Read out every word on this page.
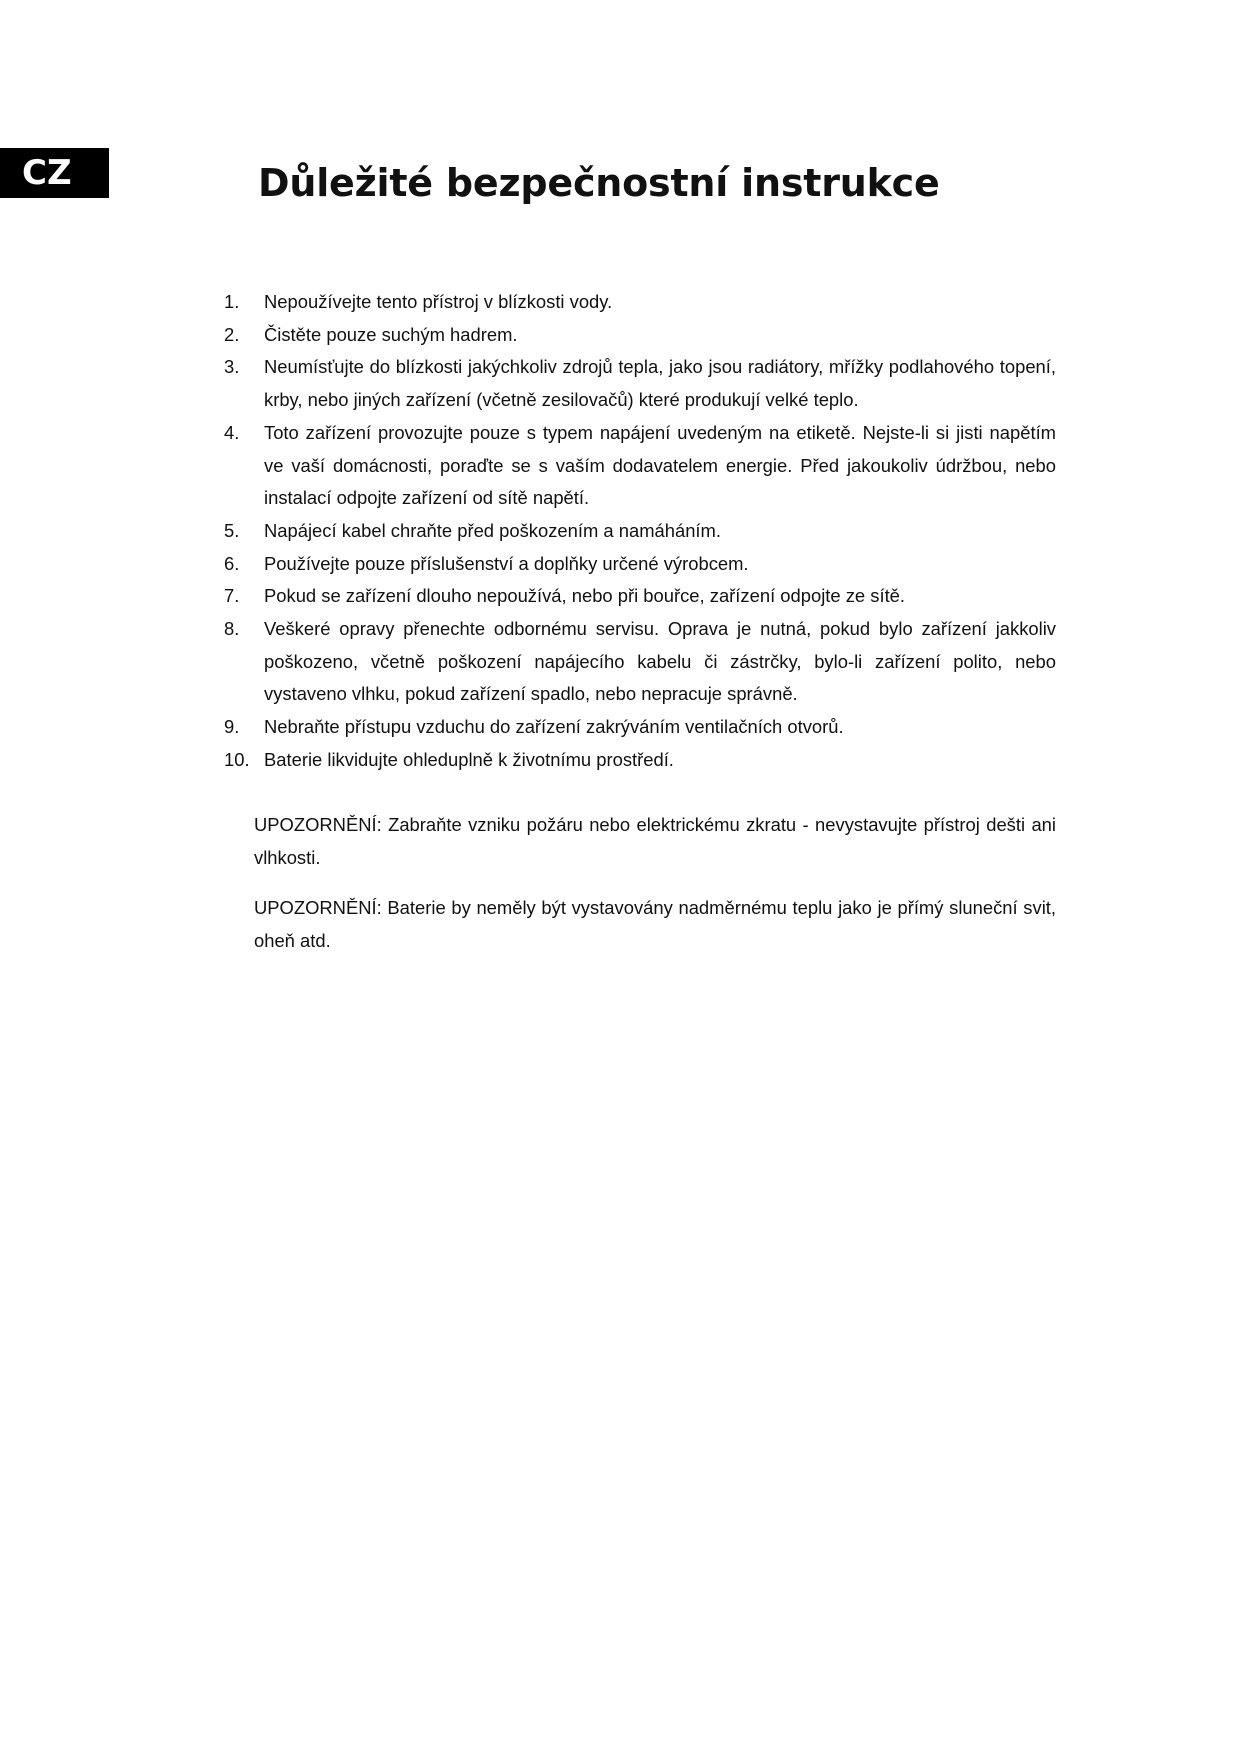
CZ	Důležité bezpečnostní instrukce
1. Nepoužívejte tento přístroj v blízkosti vody.
2. Čistěte pouze suchým hadrem.
3. Neumísťujte do blízkosti jakýchkoliv zdrojů tepla, jako jsou radiátory, mřížky podlahového topení, krby, nebo jiných zařízení (včetně zesilovačů) které produkují velké teplo.
4. Toto zařízení provozujte pouze s typem napájení uvedeným na etiketě. Nejste-li si jisti napětím ve vaší domácnosti, poraďte se s vaším dodavatelem energie. Před jakoukoliv údržbou, nebo instalací odpojte zařízení od sítě napětí.
5. Napájecí kabel chraňte před poškozením a namáháním.
6. Používejte pouze příslušenství a doplňky určené výrobcem.
7. Pokud se zařízení dlouho nepoužívá, nebo při bouřce, zařízení odpojte ze sítě.
8. Veškeré opravy přenechte odbornému servisu. Oprava je nutná, pokud bylo zařízení jakkoliv poškozeno, včetně poškození napájecího kabelu či zástrčky, bylo-li zařízení polito, nebo vystaveno vlhku, pokud zařízení spadlo, nebo nepracuje správně.
9. Nebraňte přístupu vzduchu do zařízení zakrýváním ventilačních otvorů.
10. Baterie likvidujte ohleduplně k životnímu prostředí.

UPOZORNĚNÍ: Zabraňte vzniku požáru nebo elektrickému zkratu - nevystavujte přístroj dešti ani vlhkosti.

UPOZORNĚNÍ: Baterie by neměly být vystavovány nadměrnému teplu jako je přímý sluneční svit, oheň atd.
